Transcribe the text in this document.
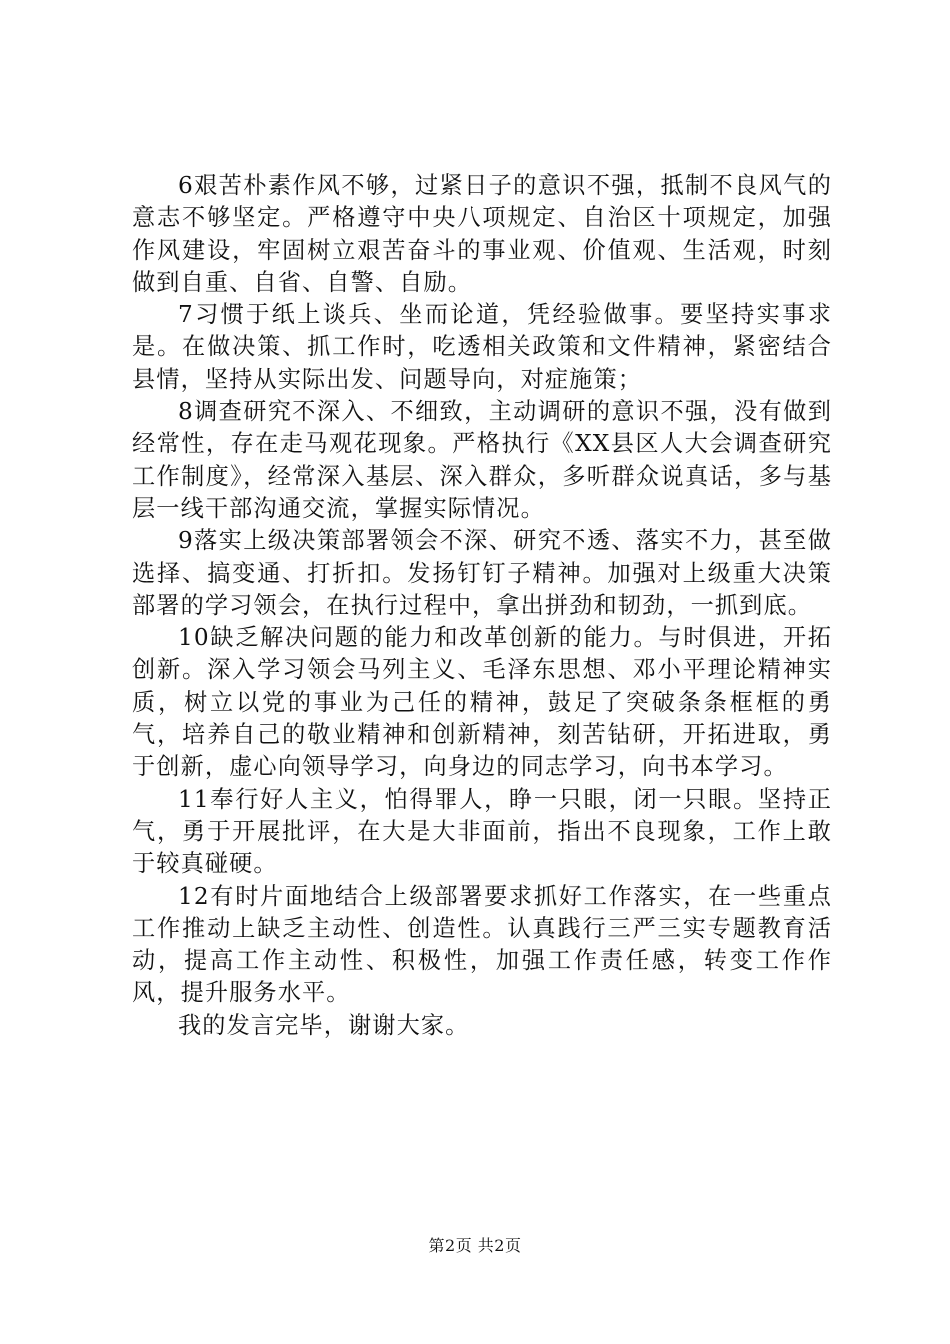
6艰苦朴素作风不够，过紧日子的意识不强，抵制不良风气的意志不够坚定。严格遵守中央八项规定、自治区十项规定，加强作风建设，牢固树立艰苦奋斗的事业观、价值观、生活观，时刻做到自重、自省、自警、自励。

7习惯于纸上谈兵、坐而论道，凭经验做事。要坚持实事求是。在做决策、抓工作时，吃透相关政策和文件精神，紧密结合县情，坚持从实际出发、问题导向，对症施策；

8调查研究不深入、不细致，主动调研的意识不强，没有做到经常性，存在走马观花现象。严格执行《XX县区人大会调查研究工作制度》，经常深入基层、深入群众，多听群众说真话，多与基层一线干部沟通交流，掌握实际情况。

9落实上级决策部署领会不深、研究不透、落实不力，甚至做选择、搞变通、打折扣。发扬钉钉子精神。加强对上级重大决策部署的学习领会，在执行过程中，拿出拼劲和韧劲，一抓到底。

10缺乏解决问题的能力和改革创新的能力。与时俱进，开拓创新。深入学习领会马列主义、毛泽东思想、邓小平理论精神实质，树立以党的事业为己任的精神，鼓足了突破条条框框的勇气，培养自己的敬业精神和创新精神，刻苦钻研，开拓进取，勇于创新，虚心向领导学习，向身边的同志学习，向书本学习。

11奉行好人主义，怕得罪人，睁一只眼，闭一只眼。坚持正气，勇于开展批评，在大是大非面前，指出不良现象，工作上敢于较真碰硬。

12有时片面地结合上级部署要求抓好工作落实，在一些重点工作推动上缺乏主动性、创造性。认真践行三严三实专题教育活动，提高工作主动性、积极性，加强工作责任感，转变工作作风，提升服务水平。

我的发言完毕，谢谢大家。

第2页 共2页
